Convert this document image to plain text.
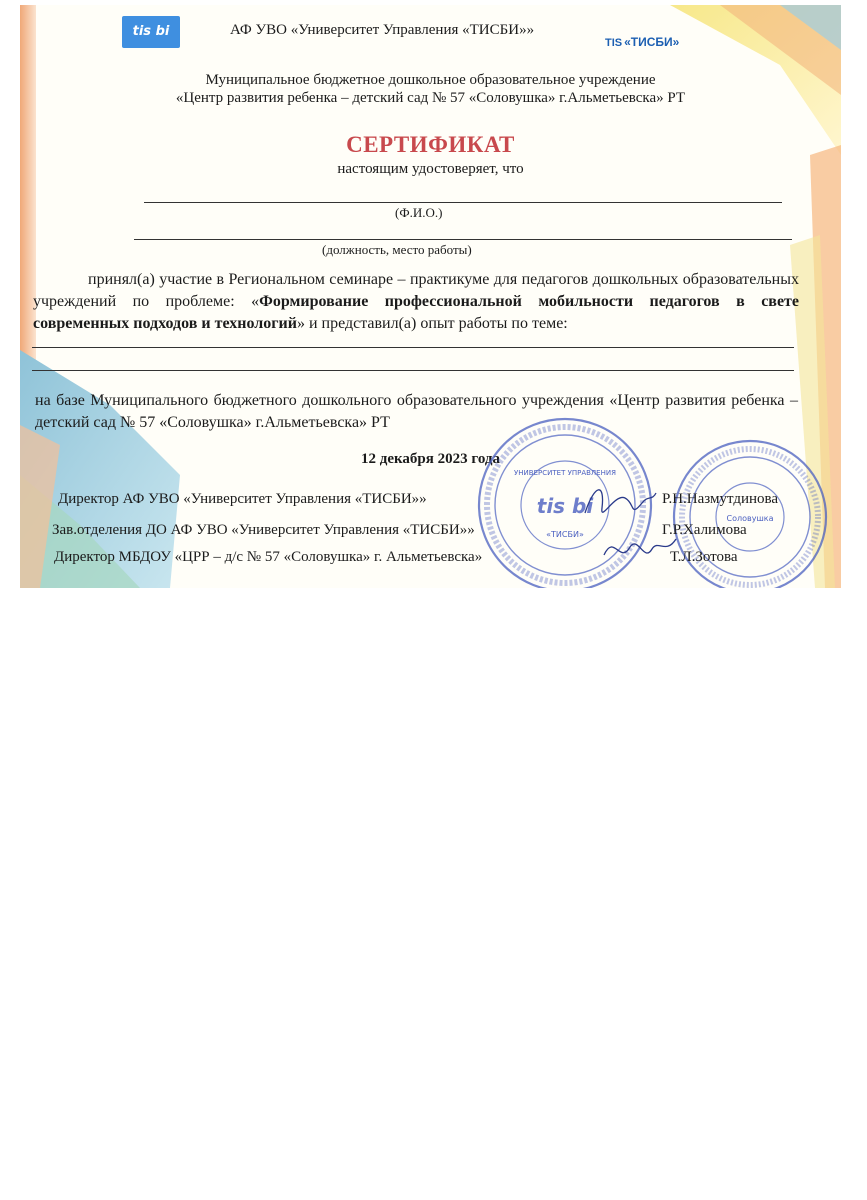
tis bi	АФ УВО «Университет Управления «ТИСБИ»»

TIS «ТИСБИ»

Муниципальное бюджетное дошкольное образовательное учреждение

«Центр развития ребенка – детский сад № 57 «Соловушка» г.Альметьевска» РТ

СЕРТИФИКАТ

настоящим удостоверяет, что

(Ф.И.О.)

(должность, место работы)

принял(а) участие в Региональном семинаре – практикуме для педагогов дошкольных образовательных учреждений по проблеме: «Формирование профессиональной мобильности педагогов в свете современных подходов и технологий» и представил(а) опыт работы по теме:
на базе Муниципального бюджетного дошкольного образовательного учреждения «Центр развития ребенка – детский сад № 57 «Соловушка» г.Альметьевска» РТ

12 декабря 2023 года

УНИВЕРСИТЕТ УПРАВЛЕНИЯ
tis bi
«ТИСБИ»
Соловушка
Директор АФ УВО «Университет Управления «ТИСБИ»»	Р.Н.Назмутдинова
Зав.отделения ДО АФ УВО «Университет Управления «ТИСБИ»»	Г.Р.Халимова
Директор МБДОУ «ЦРР – д/с № 57 «Соловушка» г. Альметьевска»	Т.Л.Зотова
